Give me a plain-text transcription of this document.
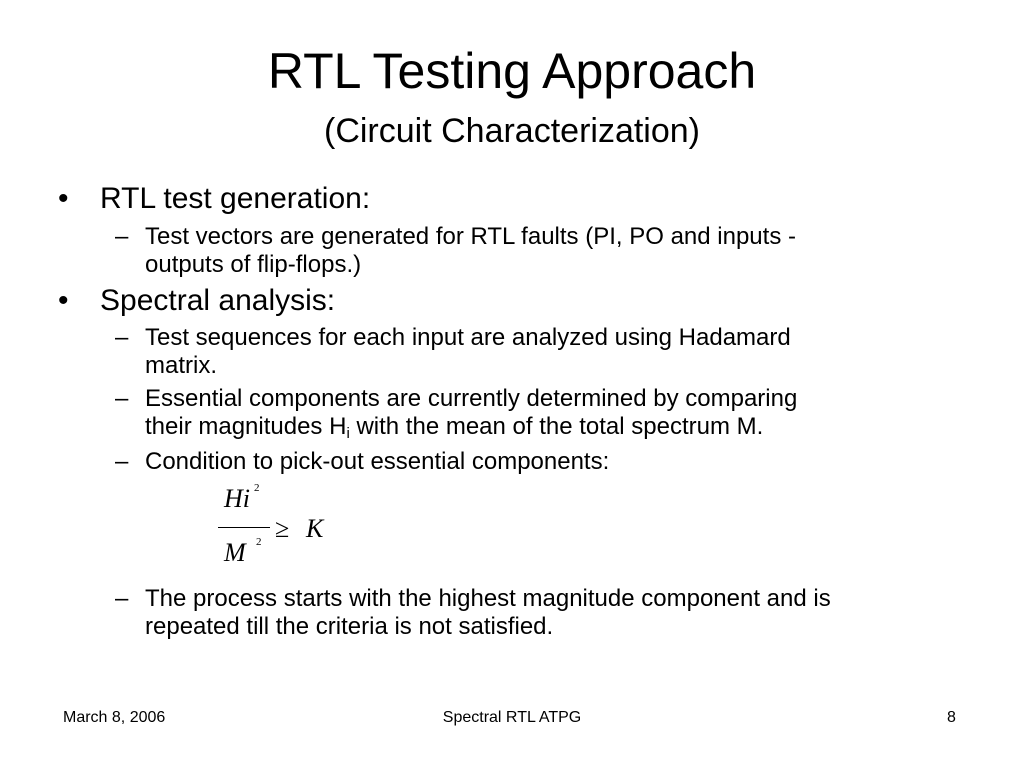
RTL Testing Approach
(Circuit Characterization)
• RTL test generation:
– Test vectors are generated for RTL faults (PI, PO and inputs -
outputs of flip-flops.)
• Spectral analysis:
– Test sequences for each input are analyzed using Hadamard
matrix.
– Essential components are currently determined by comparing
their magnitudes $H_i$ with the mean of the total spectrum M.
– Condition to pick-out essential components:
Hi 2
≥ K
M 2
– The process starts with the highest magnitude component and is
repeated till the criteria is not satisfied.
March 8, 2006	Spectral RTL ATPG	8
